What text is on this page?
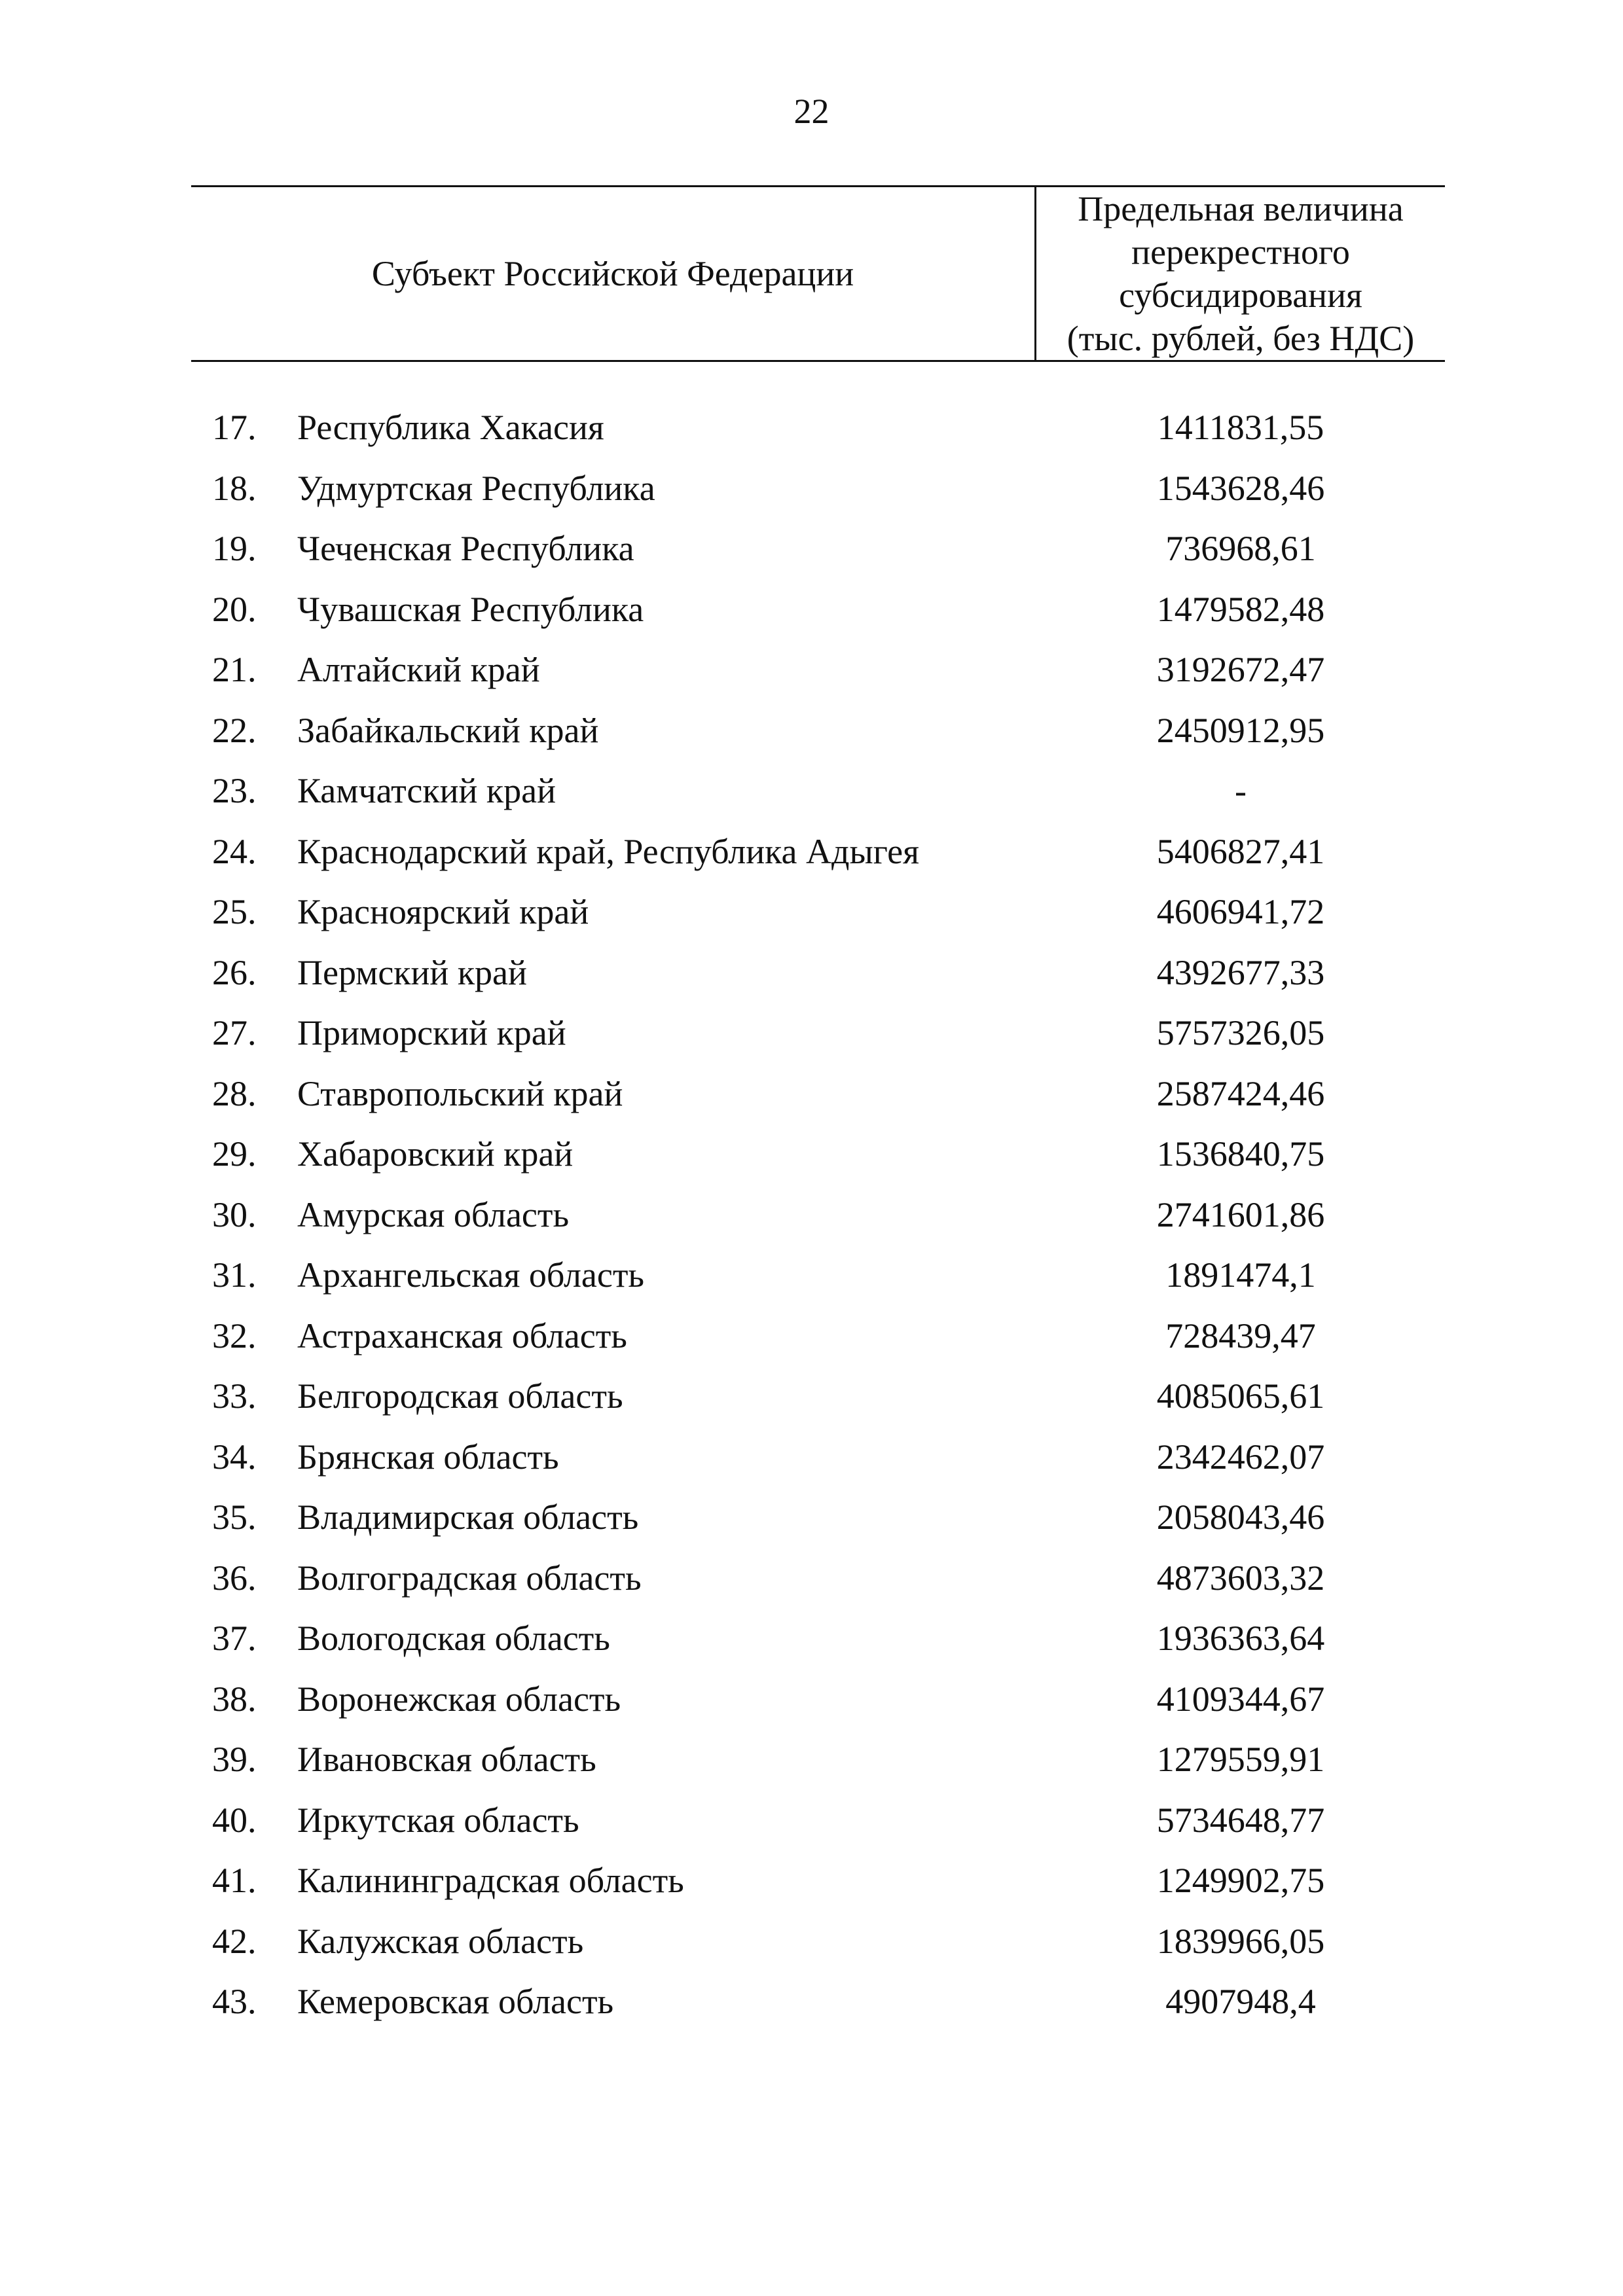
22
Субъект Российской Федерации
Предельная величина
перекрестного
субсидирования
(тыс. рублей, без НДС)
17.	Республика Хакасия	1411831,55
18.	Удмуртская Республика	1543628,46
19.	Чеченская Республика	736968,61
20.	Чувашская Республика	1479582,48
21.	Алтайский край	3192672,47
22.	Забайкальский край	2450912,95
23.	Камчатский край	-
24.	Краснодарский край, Республика Адыгея	5406827,41
25.	Красноярский край	4606941,72
26.	Пермский край	4392677,33
27.	Приморский край	5757326,05
28.	Ставропольский край	2587424,46
29.	Хабаровский край	1536840,75
30.	Амурская область	2741601,86
31.	Архангельская область	1891474,1
32.	Астраханская область	728439,47
33.	Белгородская область	4085065,61
34.	Брянская область	2342462,07
35.	Владимирская область	2058043,46
36.	Волгоградская область	4873603,32
37.	Вологодская область	1936363,64
38.	Воронежская область	4109344,67
39.	Ивановская область	1279559,91
40.	Иркутская область	5734648,77
41.	Калининградская область	1249902,75
42.	Калужская область	1839966,05
43.	Кемеровская область	4907948,4
